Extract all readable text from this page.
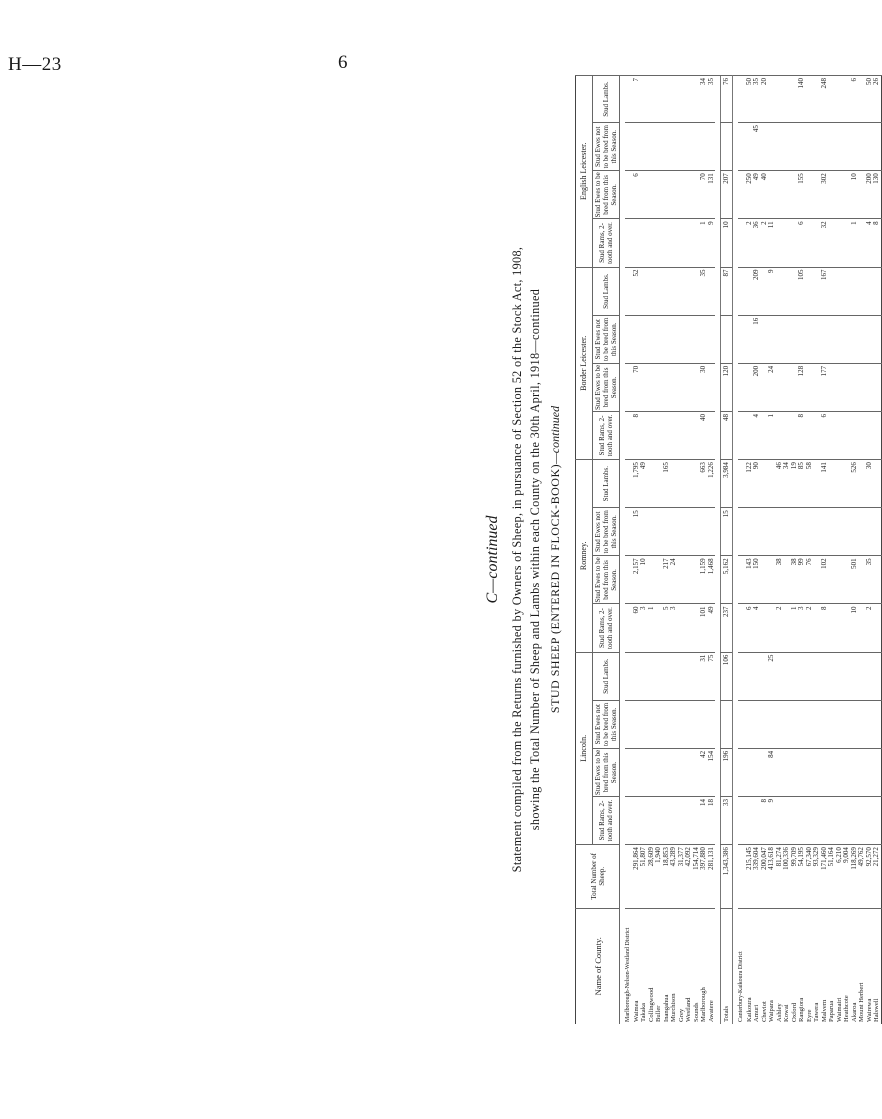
H—23	6
C—continued Statement compiled from the Returns furnished by Owners of Sheep, in pursuance of Section 52 of the Stock Act, 1908, showing the Total Number of Sheep and Lambs within each County on the 30th April, 1918—continued STUD SHEEP (ENTERED IN FLOCK-BOOK)—continued
Name of County.	Total Number of Sheep.	Lincoln.				Romney.				Border Leicester.				English Leicester.			
		Stud Rams, 2-tooth and over.	Stud Ewes to be bred from this Season.	Stud Ewes not to be bred from this Season.	Stud Lambs.	Stud Rams, 2-tooth and over.	Stud Ewes to be bred from this Season.	Stud Ewes not to be bred from this Season.	Stud Lambs.	Stud Rams, 2-tooth and over.	Stud Ewes to be bred from this Season.	Stud Ewes not to be bred from this Season.	Stud Lambs.	Stud Rams, 2-tooth and over.	Stud Ewes to be bred from this Season.	Stud Ewes not to be bred from this Season.	Stud Lambs.

Marlborough-Nelson-Westland District																	
Waimea	291,864					60	2,157	15	1,795	8	70		52		6		7
Takaka	51,807					3	10		49								
Collingwood	28,609					1											
Buller	1,940																
Inangahua	18,853					5	217		165								
Murchison	43,289					3	24										
Grey	31,377																
Westland	42,092																
Sounds	154,714																
Marlborough	397,880	14	42		31	101	1,159		663	40	30		35	1	70		34
Awatere	281,131	18	154		75	49	1,468		1,226					9	131		35

Totals	1,343,386	33	196		106	237	5,162	15	3,984	48	120		87	10	207		76

Canterbury-Kaikoura District																	
Kaikoura	215,145					6	143		122					2	250		50
Amuri	339,604					4	150		90	4	200	16	209	36	49	45	35
Cheviot	200,047	8												2	40		20
Waipara	413,618	9	84		25					1	24		9	11			
Ashley	81,274					2	38		46								
Kowai	100,336								34								
Oxford	99,709					1	38		19								
Rangiora	54,195					3	99		85	8	128		105	6	155		140
Eyre	67,340					2	76		58								
Tawera	93,329																
Malvern	171,460					8	102		141	6	177		167	32	302		248
Paparua	51,164																
Waimairi	6,210																
Heathcote	9,004																
Akaroa	118,269					10	501		526					1	10		6
Mount Herbert	49,762																
Wairewa	92,570					2	35		30					4	200		50
Halswell	21,272													8	130		26
